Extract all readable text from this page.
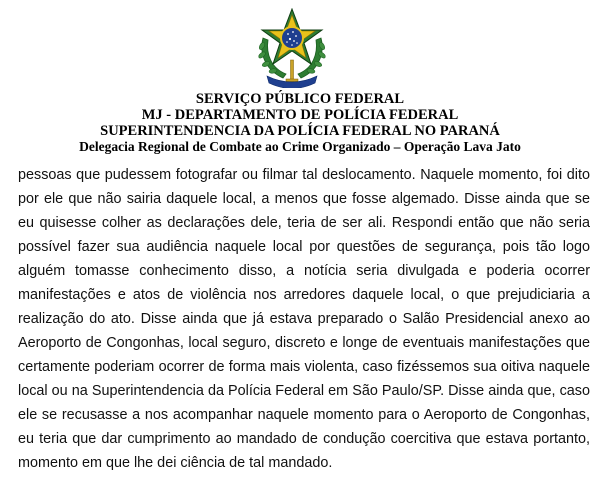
SERVIÇO PÚBLICO FEDERAL
MJ - DEPARTAMENTO DE POLÍCIA FEDERAL
SUPERINTENDENCIA DA POLÍCIA FEDERAL NO PARANÁ
Delegacia Regional de Combate ao Crime Organizado – Operação Lava Jato
pessoas que pudessem fotografar ou filmar tal deslocamento. Naquele momento, foi dito
por ele que não sairia daquele local, a menos que fosse algemado. Disse ainda que se
eu quisesse colher as declarações dele, teria de ser ali. Respondi então que não seria
possível fazer sua audiência naquele local por questões de segurança, pois tão logo
alguém tomasse conhecimento disso, a notícia seria divulgada e poderia ocorrer
manifestações e atos de violência nos arredores daquele local, o que prejudiciaria a
realização do ato. Disse ainda que já estava preparado o Salão Presidencial anexo ao
Aeroporto de Congonhas, local seguro, discreto e longe de eventuais manifestações que
certamente poderiam ocorrer de forma mais violenta, caso fizéssemos sua oitiva naquele
local ou na Superintendencia da Polícia Federal em São Paulo/SP. Disse ainda que, caso
ele se recusasse a nos acompanhar naquele momento para o Aeroporto de Congonhas,
eu teria que dar cumprimento ao mandado de condução coercitiva que estava portanto,
momento em que lhe dei ciência de tal mandado.
